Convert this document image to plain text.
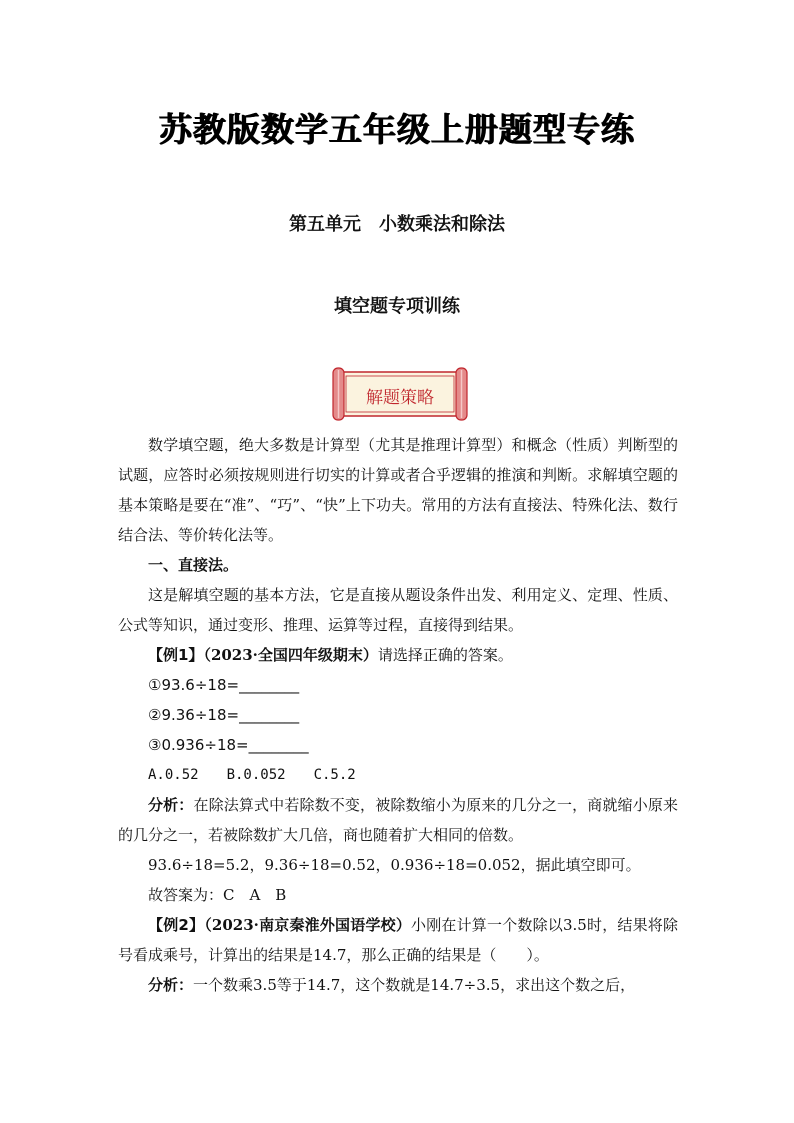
苏教版数学五年级上册题型专练
第五单元　小数乘法和除法
填空题专项训练
解题策略

数学填空题，绝大多数是计算型（尤其是推理计算型）和概念（性质）判断型的试题，应答时必须按规则进行切实的计算或者合乎逻辑的推演和判断。求解填空题的基本策略是要在“准”、“巧”、“快”上下功夫。常用的方法有直接法、特殊化法、数行结合法、等价转化法等。

一、直接法。

这是解填空题的基本方法，它是直接从题设条件出发、利用定义、定理、性质、公式等知识，通过变形、推理、运算等过程，直接得到结果。

【例1】（2023·全国四年级期末）请选择正确的答案。

①93.6÷18=________

②9.36÷18=________

③0.936÷18=________

A.0.52　　B.0.052　　C.5.2

分析：在除法算式中若除数不变，被除数缩小为原来的几分之一，商就缩小原来的几分之一，若被除数扩大几倍，商也随着扩大相同的倍数。

93.6÷18=5.2，9.36÷18=0.52，0.936÷18=0.052，据此填空即可。

故答案为：C　A　B

【例2】（2023·南京秦淮外国语学校）小刚在计算一个数除以3.5时，结果将除号看成乘号，计算出的结果是14.7，那么正确的结果是（　　）。

分析：一个数乘3.5等于14.7，这个数就是14.7÷3.5，求出这个数之后，
